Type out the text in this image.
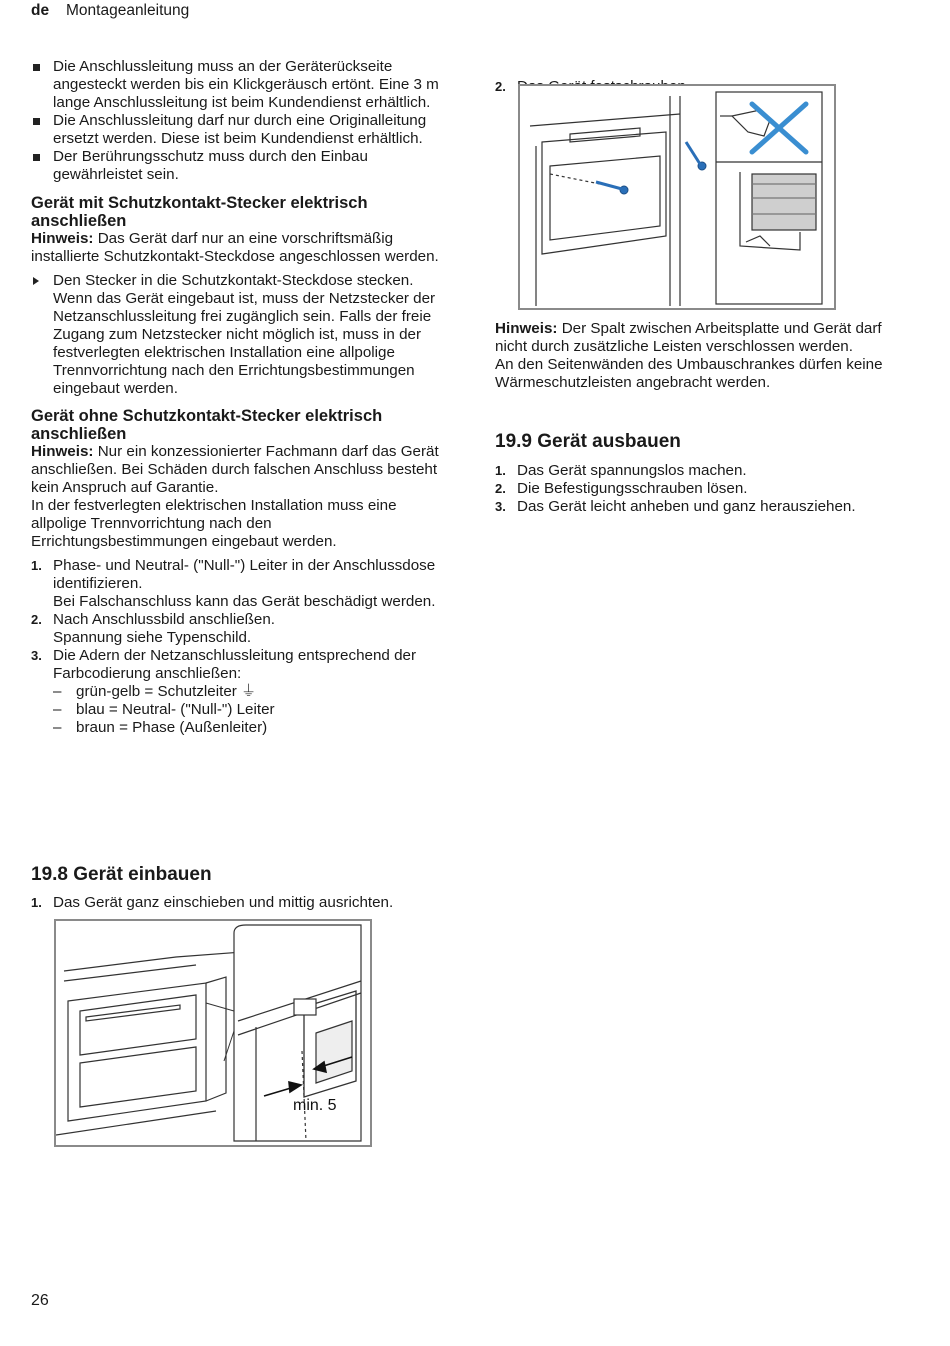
de Montageanleitung

Die Anschlussleitung muss an der Geräterückseite angesteckt werden bis ein Klickgeräusch ertönt. Eine 3 m lange Anschlussleitung ist beim Kundendienst erhältlich.

Die Anschlussleitung darf nur durch eine Originalleitung ersetzt werden. Diese ist beim Kundendienst erhältlich.

Der Berührungsschutz muss durch den Einbau gewährleistet sein.

Gerät mit Schutzkontakt-Stecker elektrisch anschließen

Hinweis: Das Gerät darf nur an eine vorschriftsmäßig installierte Schutzkontakt-Steckdose angeschlossen werden.

Den Stecker in die Schutzkontakt-Steckdose stecken.

Wenn das Gerät eingebaut ist, muss der Netzstecker der Netzanschlussleitung frei zugänglich sein. Falls der freie Zugang zum Netzstecker nicht möglich ist, muss in der festverlegten elektrischen Installation eine allpolige Trennvorrichtung nach den Errichtungsbestimmungen eingebaut werden.

Gerät ohne Schutzkontakt-Stecker elektrisch anschließen

Hinweis: Nur ein konzessionierter Fachmann darf das Gerät anschließen. Bei Schäden durch falschen Anschluss besteht kein Anspruch auf Garantie.

In der festverlegten elektrischen Installation muss eine allpolige Trennvorrichtung nach den Errichtungsbestimmungen eingebaut werden.

1. Phase- und Neutral- ("Null-") Leiter in der Anschlussdose identifizieren.

Bei Falschanschluss kann das Gerät beschädigt werden.

2. Nach Anschlussbild anschließen.

Spannung siehe Typenschild.

3. Die Adern der Netzanschlussleitung entsprechend der Farbcodierung anschließen:

– grün-gelb = Schutzleiter ⏚

– blau = Neutral- ("Null-") Leiter

– braun = Phase (Außenleiter)

19.8 Gerät einbauen
1. Das Gerät ganz einschieben und mittig ausrichten.

min. 5
2.

Hinweis: Der Spalt zwischen Arbeitsplatte und Gerät darf nicht durch zusätzliche Leisten verschlossen werden.

An den Seitenwänden des Umbauschrankes dürfen keine Wärmeschutzleisten angebracht werden.

19.9 Gerät ausbauen
1. Das Gerät spannungslos machen.

2. Die Befestigungsschrauben lösen.

3. Das Gerät leicht anheben und ganz herausziehen.

26
